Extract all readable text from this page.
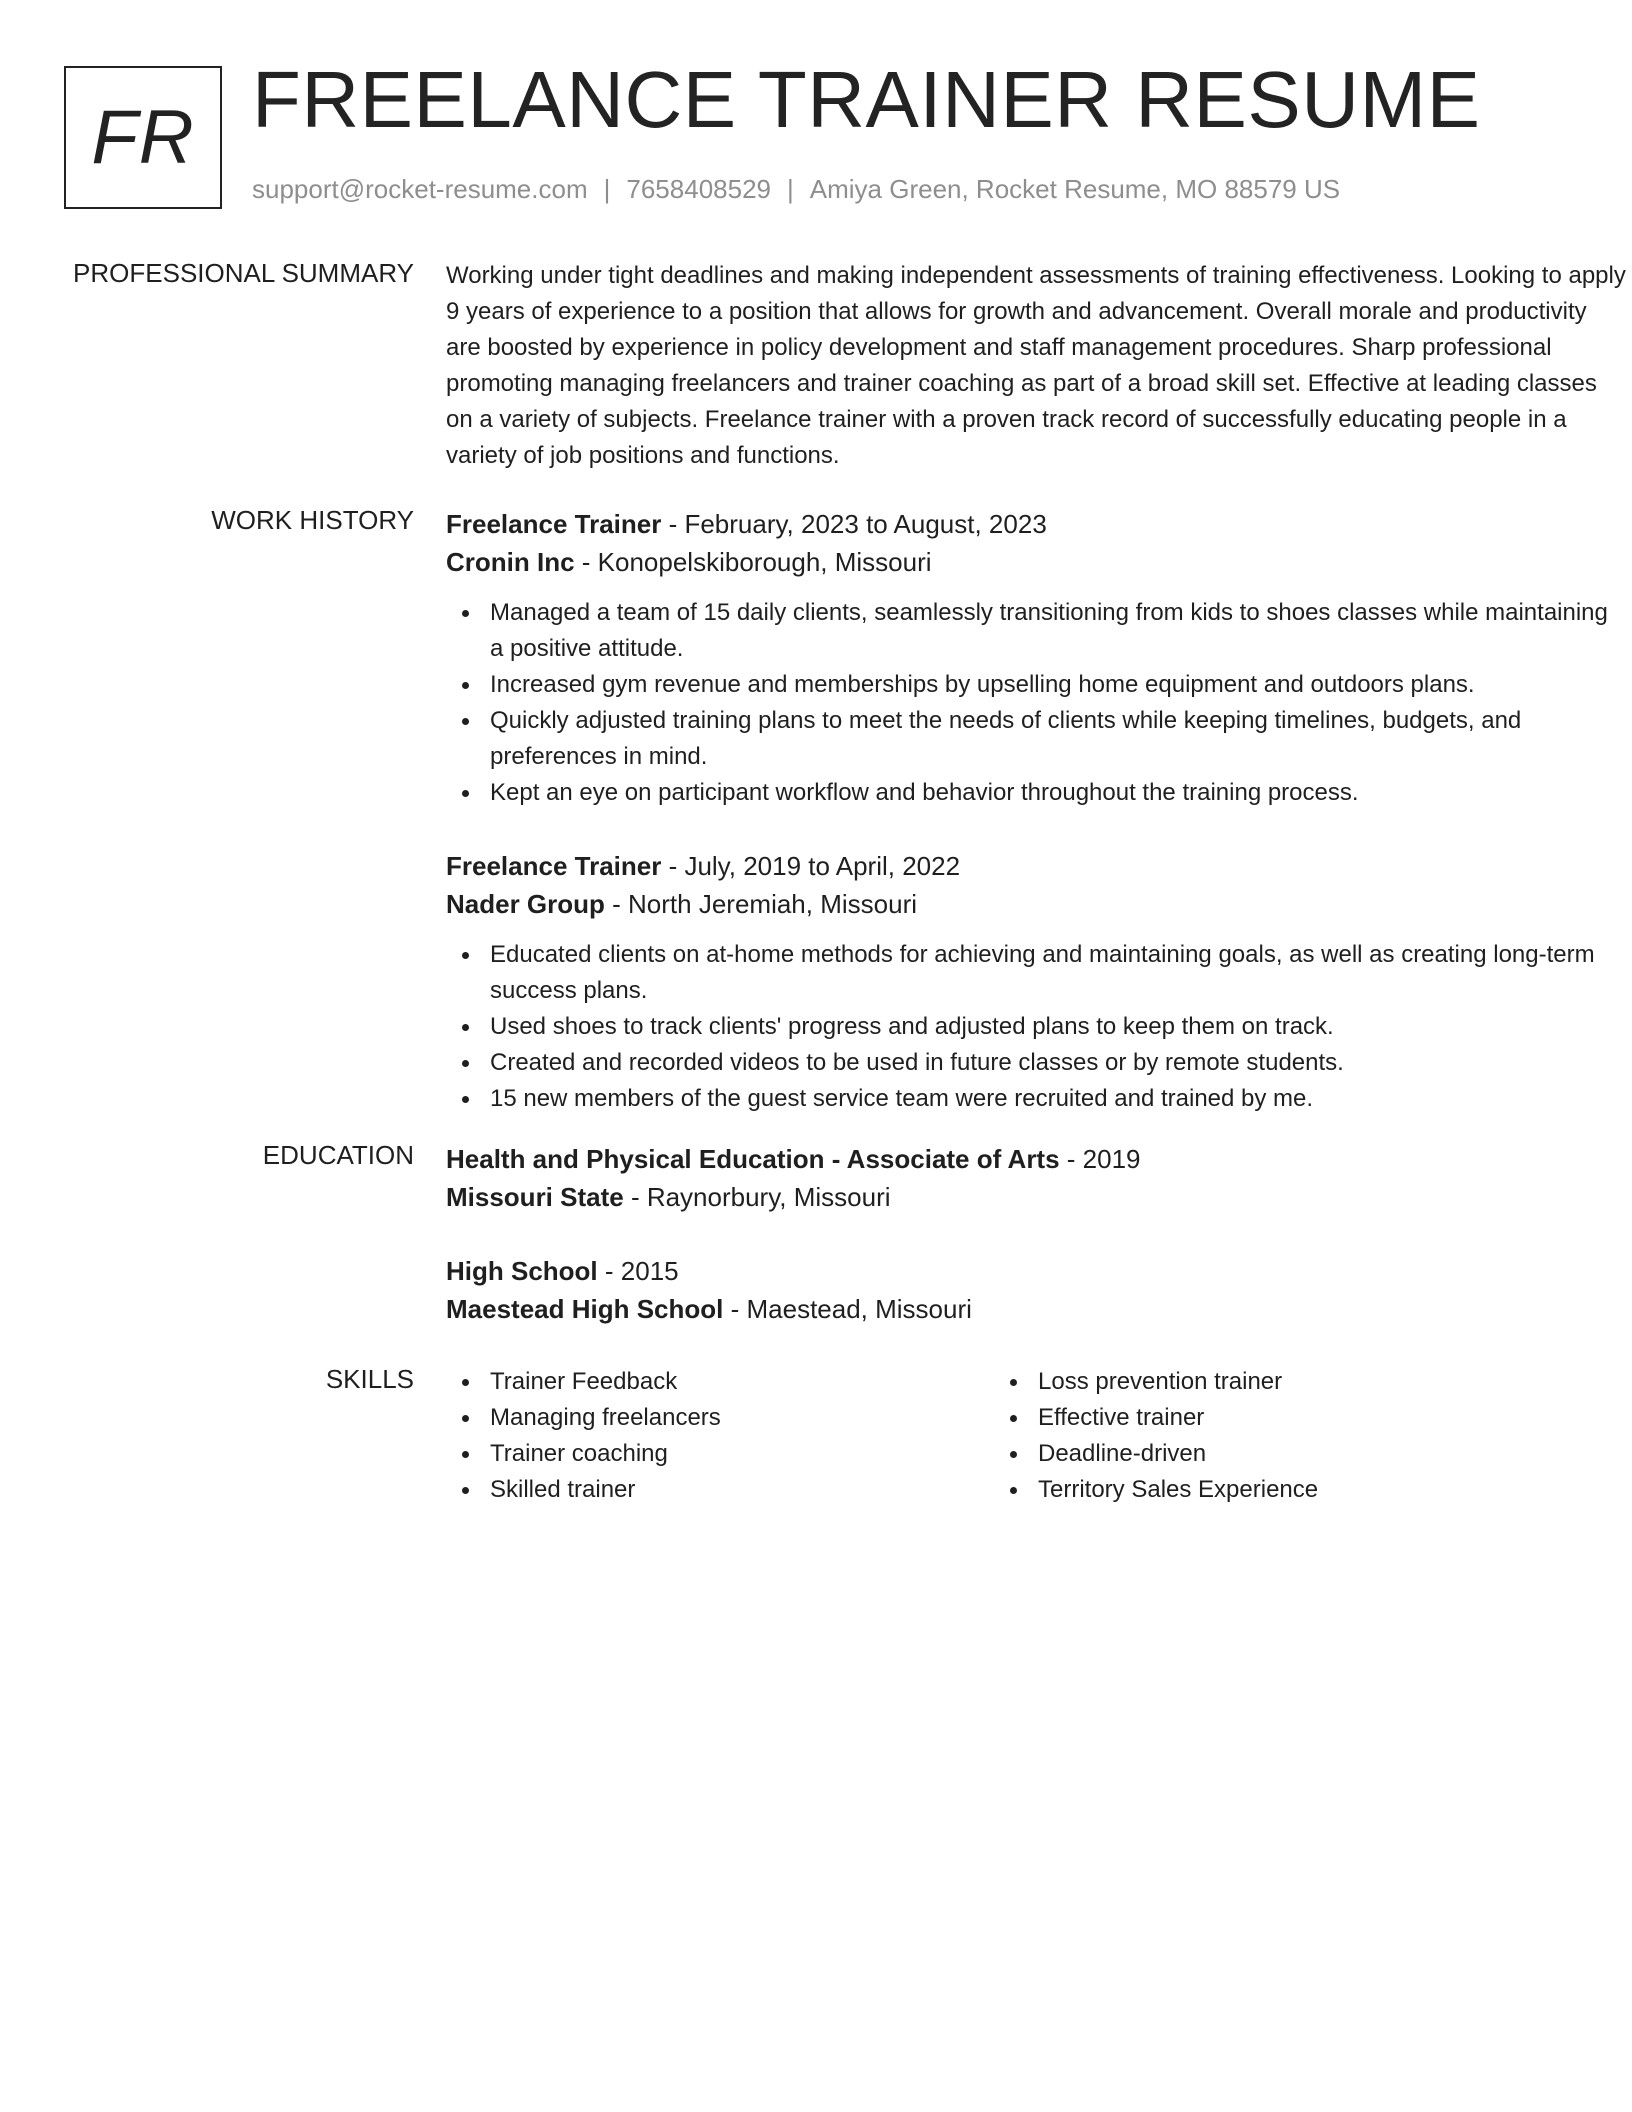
FR FREELANCE TRAINER RESUME
support@rocket-resume.com | 7658408529 | Amiya Green, Rocket Resume, MO 88579 US
PROFESSIONAL SUMMARY Working under tight deadlines and making independent assessments of training effectiveness. Looking to apply 9 years of experience to a position that allows for growth and advancement. Overall morale and productivity are boosted by experience in policy development and staff management procedures. Sharp professional promoting managing freelancers and trainer coaching as part of a broad skill set. Effective at leading classes on a variety of subjects. Freelance trainer with a proven track record of successfully educating people in a variety of job positions and functions.

WORK HISTORY Freelance Trainer - February, 2023 to August, 2023
Cronin Inc - Konopelskiborough, Missouri
Managed a team of 15 daily clients, seamlessly transitioning from kids to shoes classes while maintaining a positive attitude.
Increased gym revenue and memberships by upselling home equipment and outdoors plans.
Quickly adjusted training plans to meet the needs of clients while keeping timelines, budgets, and preferences in mind.
Kept an eye on participant workflow and behavior throughout the training process.
Freelance Trainer - July, 2019 to April, 2022
Nader Group - North Jeremiah, Missouri
Educated clients on at-home methods for achieving and maintaining goals, as well as creating long-term success plans.
Used shoes to track clients' progress and adjusted plans to keep them on track.
Created and recorded videos to be used in future classes or by remote students.
15 new members of the guest service team were recruited and trained by me.
EDUCATION Health and Physical Education - Associate of Arts - 2019
Missouri State - Raynorbury, Missouri
High School - 2015
Maestead High School - Maestead, Missouri
SKILLS	Trainer Feedback
Managing freelancers
Trainer coaching
Skilled trainer
Loss prevention trainer
Effective trainer
Deadline-driven
Territory Sales Experience
